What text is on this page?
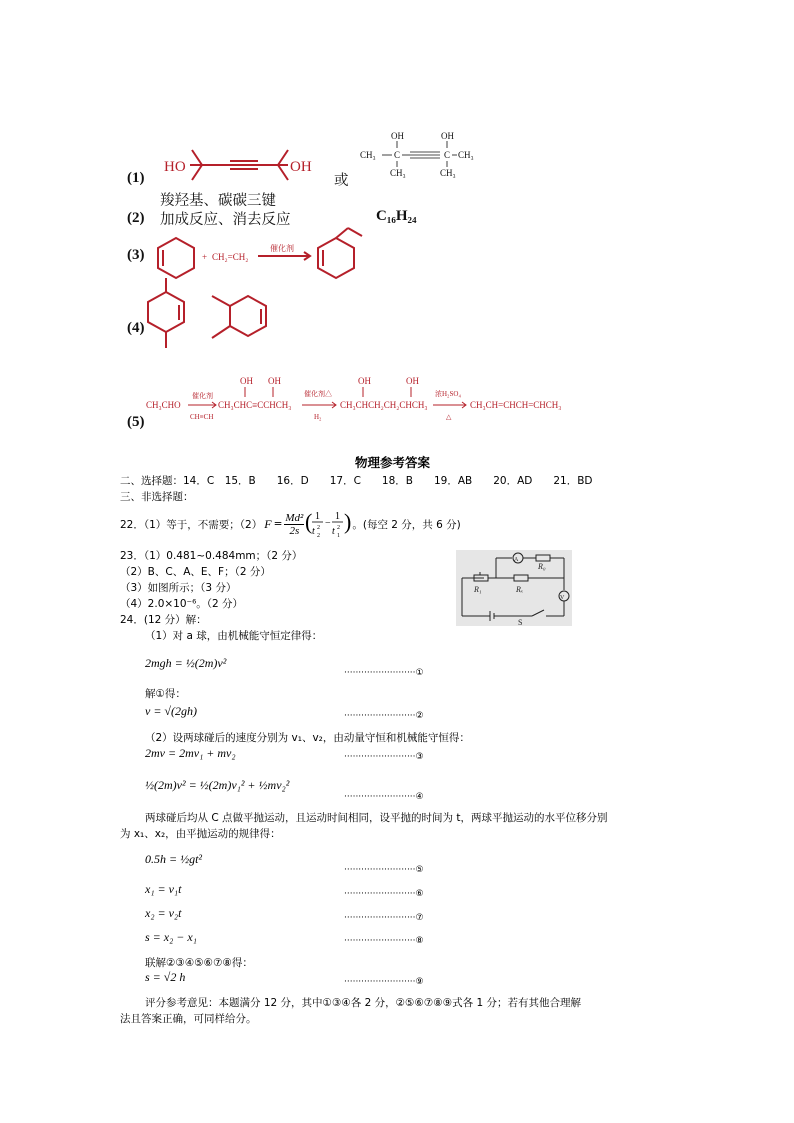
(1)
HO	OH
或
OH	OH
CH₃ C	C CH₃
CH₃	CH₃
羧羟基、碳碳三键
(2) 加成反应、消去反应	C₁₆H₂₄
(3)	+ CH₂=CH₂
催化剂
(4)
(5)
CH₃CHO
催化剂
CH≡CH
OH OH
CH₃CHC≡CCHCH₃
催化剂△
H₂
OH	OH
CH₃CHCH₂CH₂CHCH₃
浓H₂SO₄
△
CH₃CH=CHCH=CHCH₃
物理参考答案
二、选择题：14．C　15．B　　16．D　　17．C　　18．B　　19．AB　　20．AD　　21．BD
三、非选择题：
22．（1）等于，不需要；（2） $F = \frac{\text{Md²}}{2s}$ ( 1
t 2
2 −
1
t 1
2 ) 。(每空 2 分，共 6 分)
23．（1）0.481~0.484mm；（2 分）
（2）B、C、A、E、F；（2 分）
（3）如图所示；（3 分）
（4）2.0×10⁻⁶。（2 分）
A
V
R₀
R₁	Rₓ
S
24．(12 分）解：
（1）对 a 球，由机械能守恒定律得：
2mgh = ½(2m)v²
·························①
解①得：
v = √(2gh)	·························②
（2）设两球碰后的速度分别为 v₁、v₂，由动量守恒和机械能守恒得：
2mv = 2mv₁ + mv₂	·························③
½(2m)v² = ½(2m)v₁² + ½mv₂²
·························④
两球碰后均从 C 点做平抛运动，且运动时间相同，设平抛的时间为 t，两球平抛运动的水平位移分别
为 x₁、x₂，由平抛运动的规律得：
0.5h = ½gt²
·························⑤
x₁ = v₁t	·························⑥
x₂ = v₂t	·························⑦
s = x₂ − x₁	·························⑧
联解②③④⑤⑥⑦⑧得：
s = √2 h	·························⑨
评分参考意见：本题满分 12 分，其中①③④各 2 分，②⑤⑥⑦⑧⑨式各 1 分；若有其他合理解
法且答案正确，可同样给分。
